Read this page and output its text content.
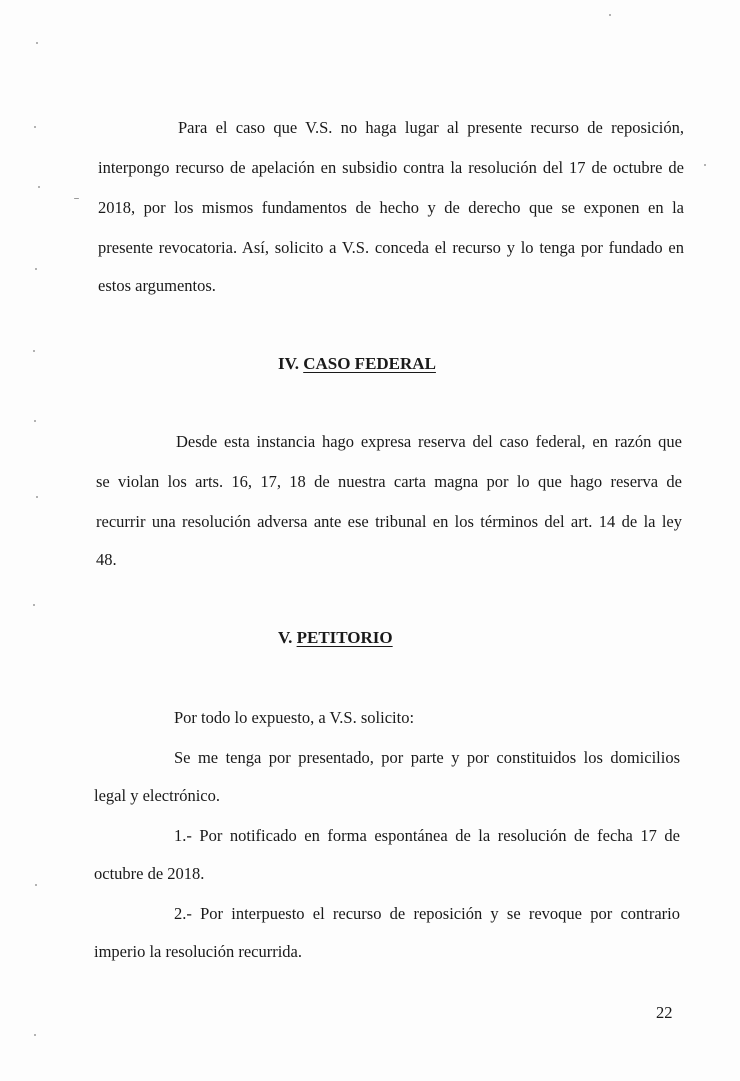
Para el caso que V.S. no haga lugar al presente recurso de reposición,
interpongo recurso de apelación en subsidio contra la resolución del 17 de octubre de
2018, por los mismos fundamentos de hecho y de derecho que se exponen en la
presente revocatoria. Así, solicito a V.S. conceda el recurso y lo tenga por fundado en
estos argumentos.
IV. CASO FEDERAL
Desde esta instancia hago expresa reserva del caso federal, en razón que
se violan los arts. 16, 17, 18 de nuestra carta magna por lo que hago reserva de
recurrir una resolución adversa ante ese tribunal en los términos del art. 14 de la ley
48.
V. PETITORIO
Por todo lo expuesto, a V.S. solicito:
Se me tenga por presentado, por parte y por constituidos los domicilios
legal y electrónico.
1.- Por notificado en forma espontánea de la resolución de fecha 17 de
octubre de 2018.
2.- Por interpuesto el recurso de reposición y se revoque por contrario
imperio la resolución recurrida.
22
